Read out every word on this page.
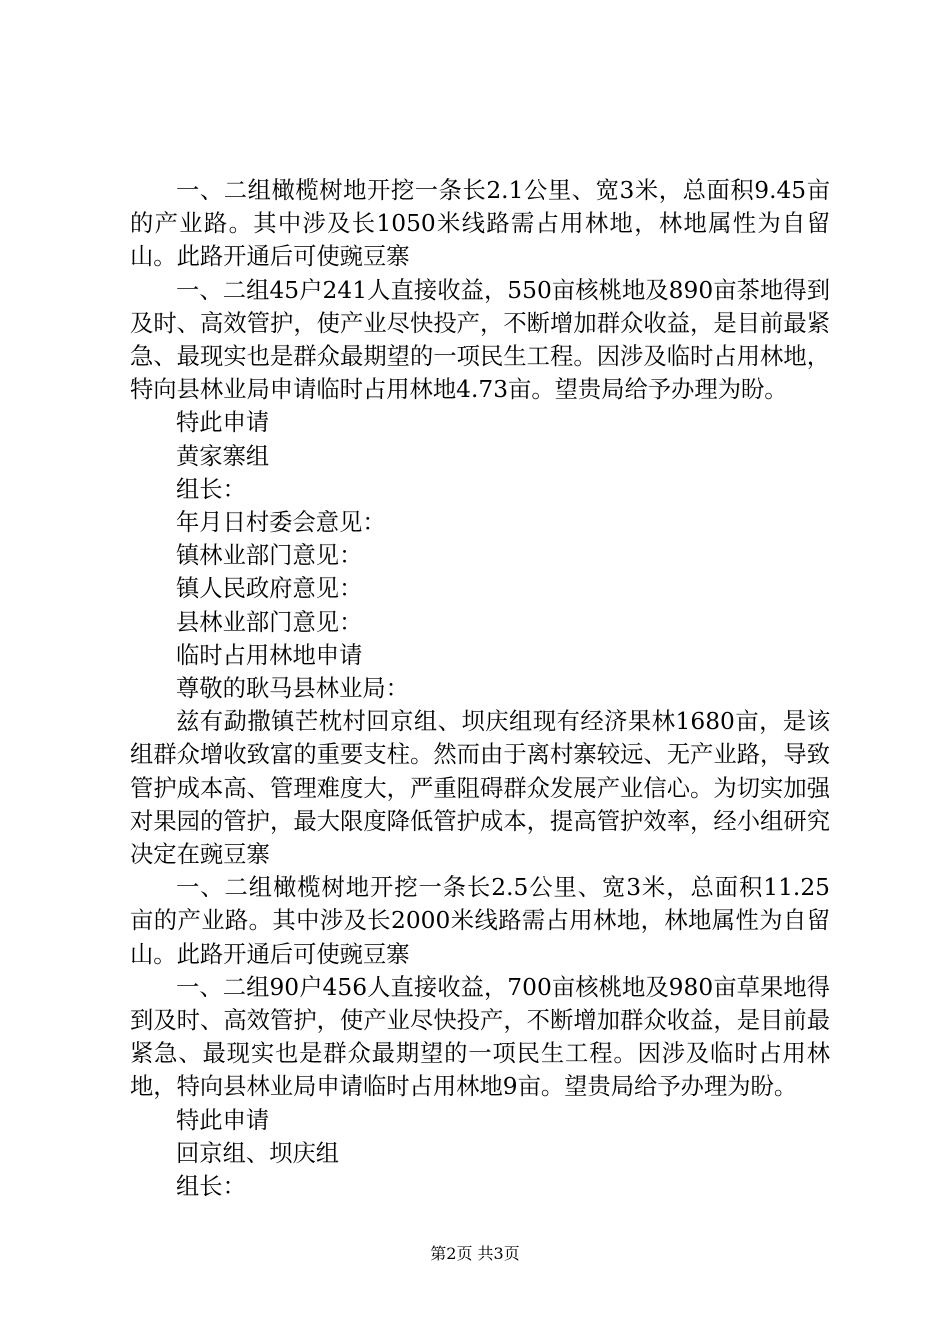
一、二组橄榄树地开挖一条长2.1公里、宽3米，总面积9.45亩的产业路。其中涉及长1050米线路需占用林地，林地属性为自留山。此路开通后可使豌豆寨

一、二组45户241人直接收益，550亩核桃地及890亩茶地得到及时、高效管护，使产业尽快投产，不断增加群众收益，是目前最紧急、最现实也是群众最期望的一项民生工程。因涉及临时占用林地，特向县林业局申请临时占用林地4.73亩。望贵局给予办理为盼。

特此申请

黄家寨组

组长：

年月日村委会意见：

镇林业部门意见：

镇人民政府意见：

县林业部门意见：

临时占用林地申请

尊敬的耿马县林业局：

兹有勐撒镇芒枕村回京组、坝庆组现有经济果林1680亩，是该组群众增收致富的重要支柱。然而由于离村寨较远、无产业路，导致管护成本高、管理难度大，严重阻碍群众发展产业信心。为切实加强对果园的管护，最大限度降低管护成本，提高管护效率，经小组研究决定在豌豆寨

一、二组橄榄树地开挖一条长2.5公里、宽3米，总面积11.25亩的产业路。其中涉及长2000米线路需占用林地，林地属性为自留山。此路开通后可使豌豆寨

一、二组90户456人直接收益，700亩核桃地及980亩草果地得到及时、高效管护，使产业尽快投产，不断增加群众收益，是目前最紧急、最现实也是群众最期望的一项民生工程。因涉及临时占用林地，特向县林业局申请临时占用林地9亩。望贵局给予办理为盼。

特此申请

回京组、坝庆组

组长：

第2页 共3页
